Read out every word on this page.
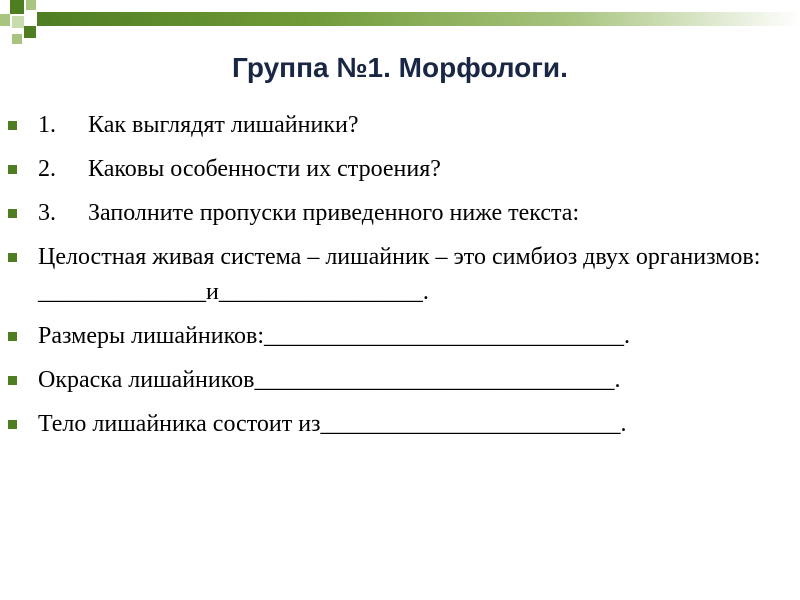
Группа №1. Морфологи.
1. Как выглядят лишайники?
2. Каковы особенности их строения?
3. Заполните пропуски приведенного ниже текста:
Целостная живая система – лишайник – это симбиоз двух организмов: ______________и_________________.
Размеры лишайников:______________________________.
Окраска лишайников______________________________.
Тело лишайника состоит из_________________________.
